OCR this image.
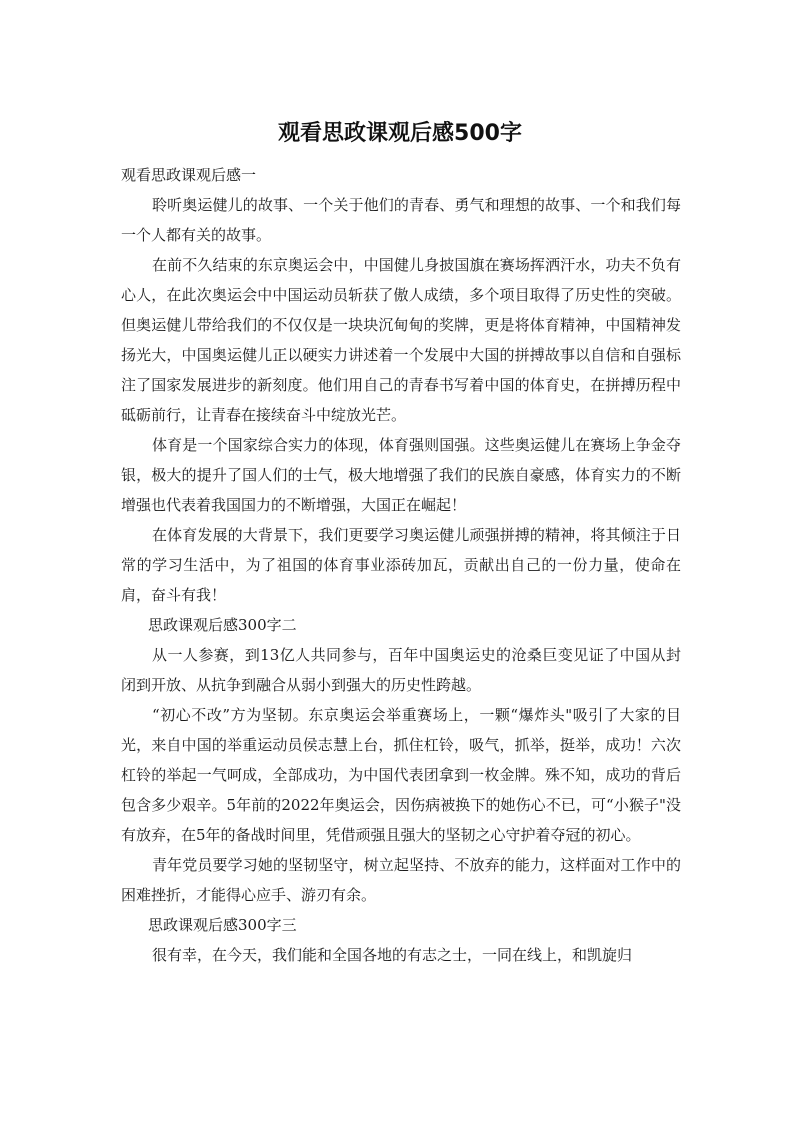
观看思政课观后感500字

观看思政课观后感一

聆听奥运健儿的故事、一个关于他们的青春、勇气和理想的故事、一个和我们每一个人都有关的故事。

在前不久结束的东京奥运会中，中国健儿身披国旗在赛场挥洒汗水，功夫不负有心人，在此次奥运会中中国运动员斩获了傲人成绩，多个项目取得了历史性的突破。但奥运健儿带给我们的不仅仅是一块块沉甸甸的奖牌，更是将体育精神，中国精神发扬光大，中国奥运健儿正以硬实力讲述着一个发展中大国的拼搏故事以自信和自强标注了国家发展进步的新刻度。他们用自己的青春书写着中国的体育史，在拼搏历程中砥砺前行，让青春在接续奋斗中绽放光芒。

体育是一个国家综合实力的体现，体育强则国强。这些奥运健儿在赛场上争金夺银，极大的提升了国人们的士气，极大地增强了我们的民族自豪感，体育实力的不断增强也代表着我国国力的不断增强，大国正在崛起！

在体育发展的大背景下，我们更要学习奥运健儿顽强拼搏的精神，将其倾注于日常的学习生活中，为了祖国的体育事业添砖加瓦，贡献出自己的一份力量，使命在肩，奋斗有我！

思政课观后感300字二

从一人参赛，到13亿人共同参与，百年中国奥运史的沧桑巨变见证了中国从封闭到开放、从抗争到融合从弱小到强大的历史性跨越。

“初心不改”方为坚韧。东京奥运会举重赛场上，一颗“爆炸头"吸引了大家的目光，来自中国的举重运动员侯志慧上台，抓住杠铃，吸气，抓举，挺举，成功！六次杠铃的举起一气呵成，全部成功，为中国代表团拿到一枚金牌。殊不知，成功的背后包含多少艰辛。5年前的2022年奥运会，因伤病被换下的她伤心不已，可“小猴子"没有放弃，在5年的备战时间里，凭借顽强且强大的坚韧之心守护着夺冠的初心。

青年党员要学习她的坚韧坚守，树立起坚持、不放弃的能力，这样面对工作中的困难挫折，才能得心应手、游刃有余。

思政课观后感300字三

很有幸，在今天，我们能和全国各地的有志之士，一同在线上，和凯旋归
